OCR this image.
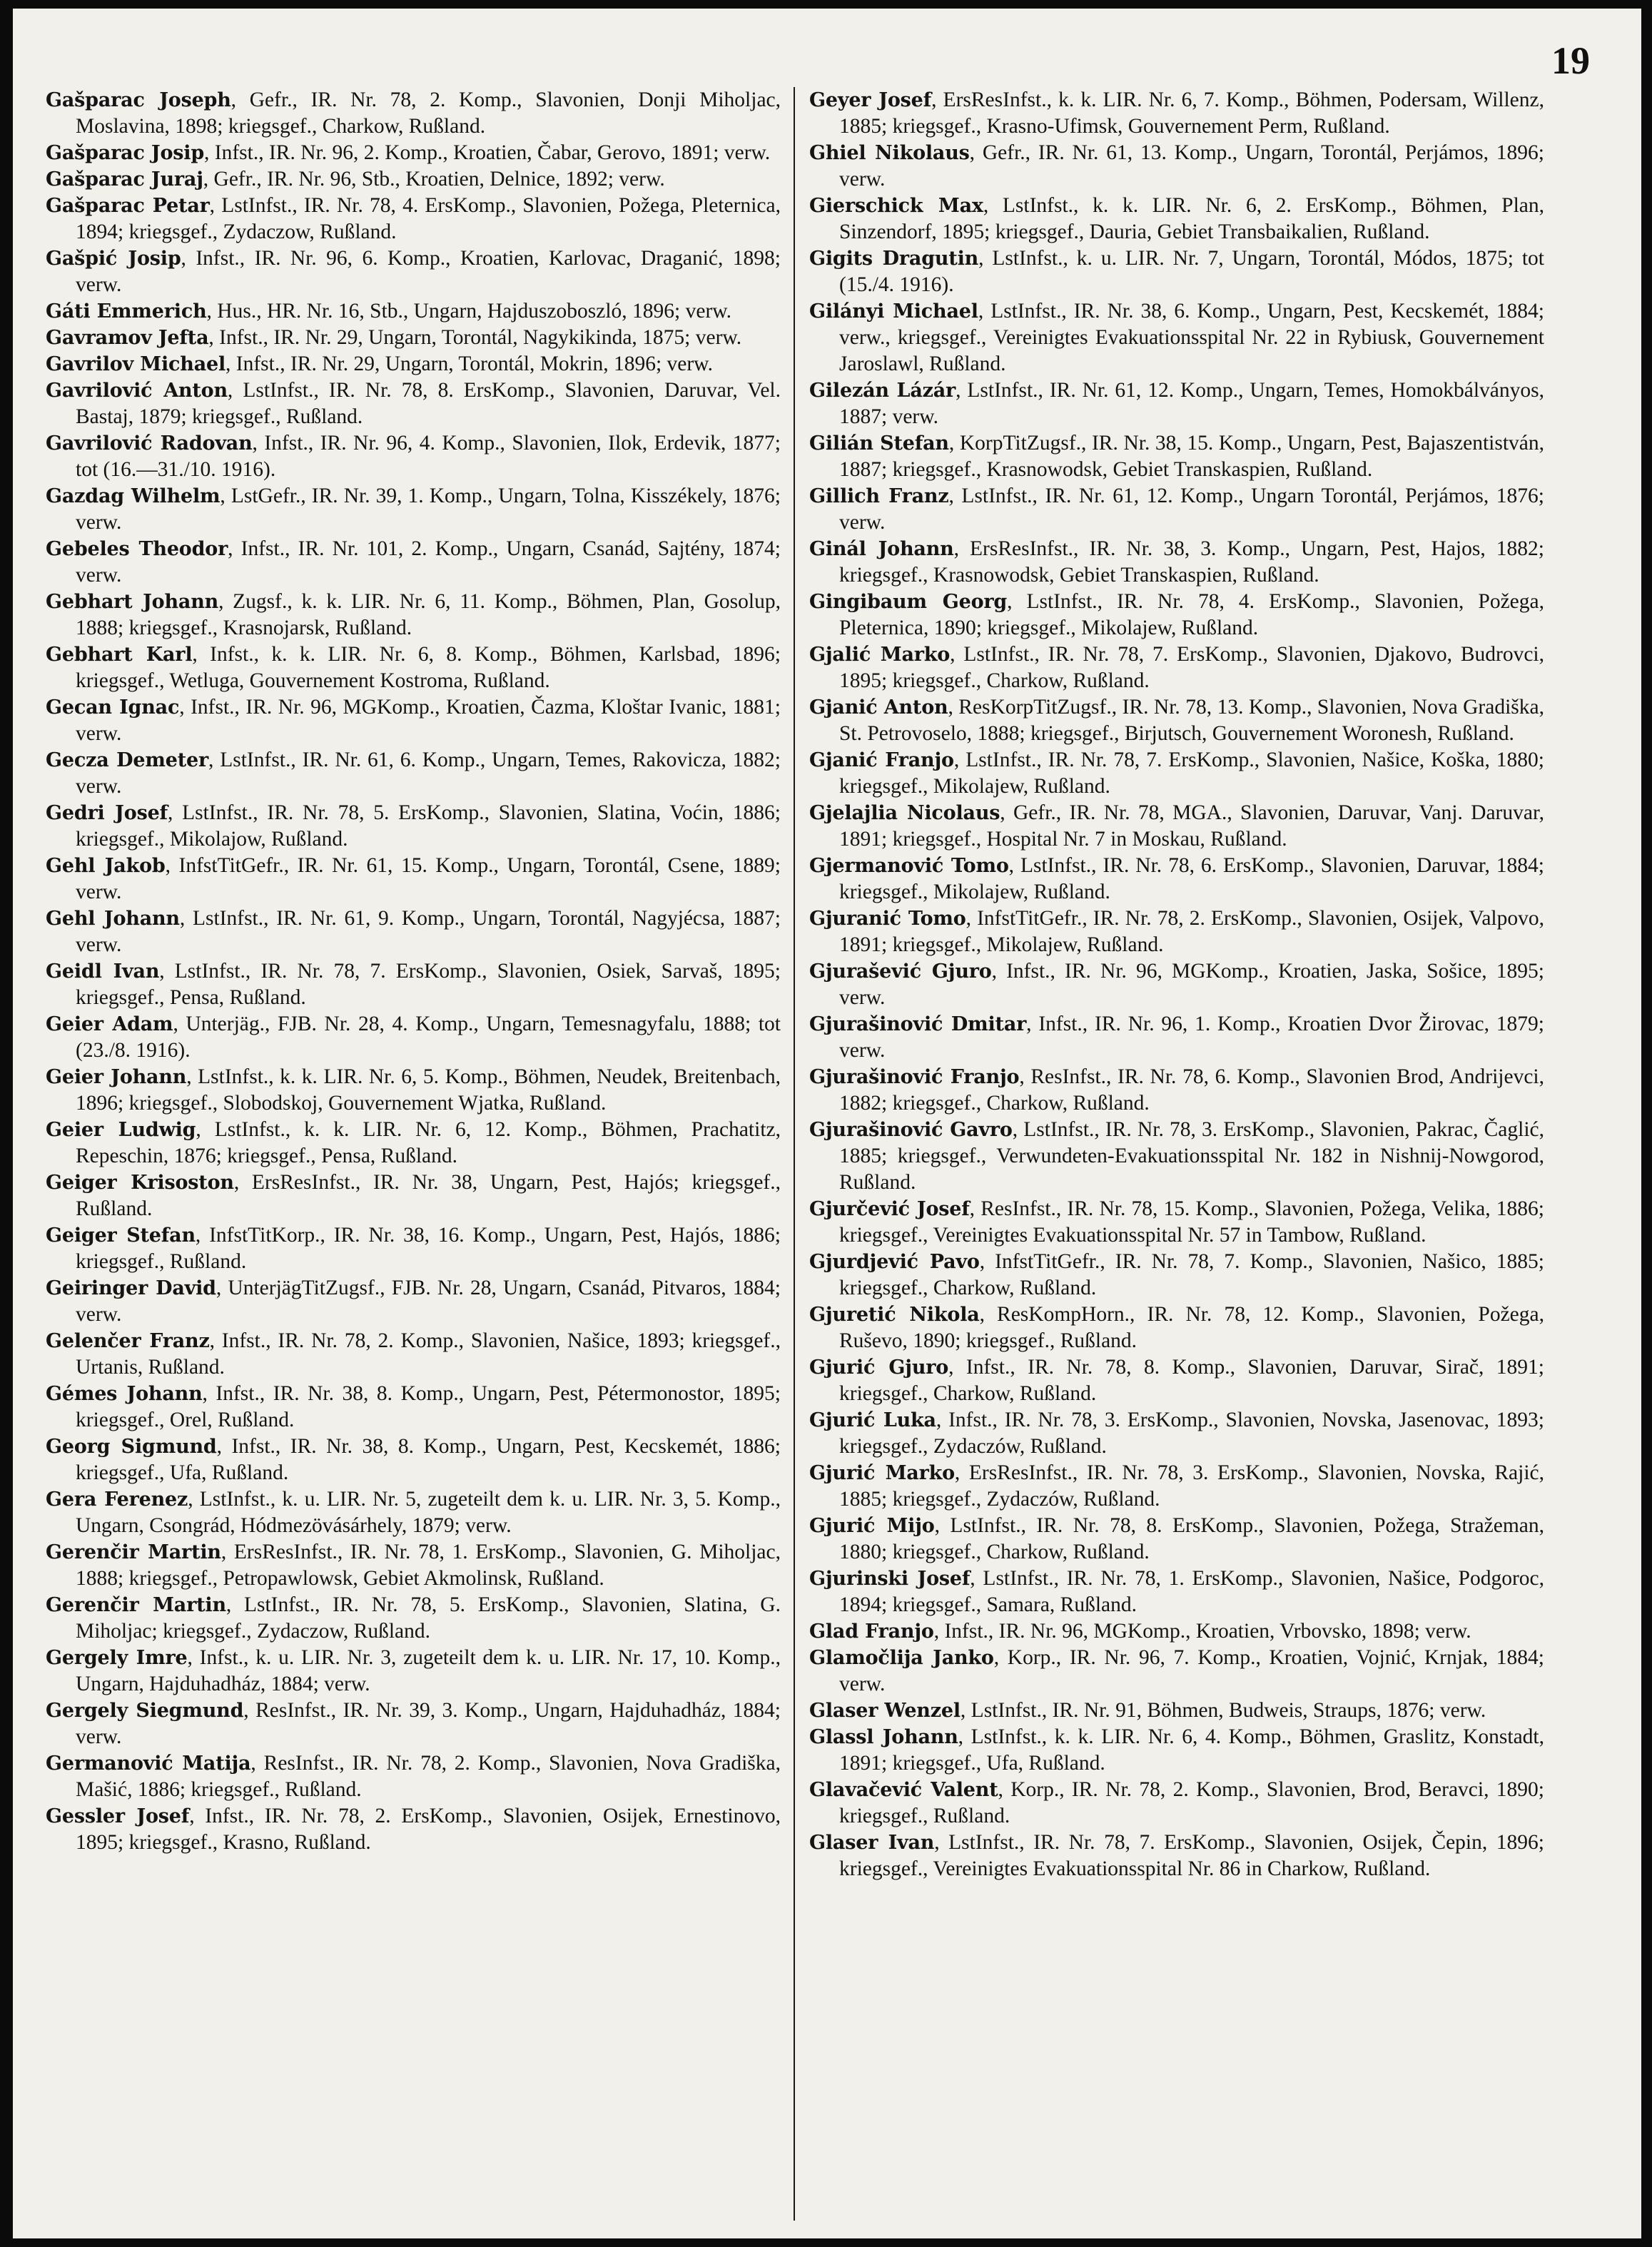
19

Gašparac Joseph, Gefr., IR. Nr. 78, 2. Komp., Slavonien, Donji Miholjac, Moslavina, 1898; kriegsgef., Charkow, Rußland.

Gašparac Josip, Infst., IR. Nr. 96, 2. Komp., Kroatien, Čabar, Gerovo, 1891; verw.

Gašparac Juraj, Gefr., IR. Nr. 96, Stb., Kroatien, Delnice, 1892; verw.

Gašparac Petar, LstInfst., IR. Nr. 78, 4. ErsKomp., Slavonien, Požega, Pleternica, 1894; kriegsgef., Zydaczow, Rußland.

Gašpić Josip, Infst., IR. Nr. 96, 6. Komp., Kroatien, Karlovac, Draganić, 1898; verw.

Gáti Emmerich, Hus., HR. Nr. 16, Stb., Ungarn, Hajduszoboszló, 1896; verw.

Gavramov Jefta, Infst., IR. Nr. 29, Ungarn, Torontál, Nagykikinda, 1875; verw.

Gavrilov Michael, Infst., IR. Nr. 29, Ungarn, Torontál, Mokrin, 1896; verw.

Gavrilović Anton, LstInfst., IR. Nr. 78, 8. ErsKomp., Slavonien, Daruvar, Vel. Bastaj, 1879; kriegsgef., Rußland.

Gavrilović Radovan, Infst., IR. Nr. 96, 4. Komp., Slavonien, Ilok, Erdevik, 1877; tot (16.—31./10. 1916).

Gazdag Wilhelm, LstGefr., IR. Nr. 39, 1. Komp., Ungarn, Tolna, Kisszékely, 1876; verw.

Gebeles Theodor, Infst., IR. Nr. 101, 2. Komp., Ungarn, Csanád, Sajtény, 1874; verw.

Gebhart Johann, Zugsf., k. k. LIR. Nr. 6, 11. Komp., Böhmen, Plan, Gosolup, 1888; kriegsgef., Krasnojarsk, Rußland.

Gebhart Karl, Infst., k. k. LIR. Nr. 6, 8. Komp., Böhmen, Karlsbad, 1896; kriegsgef., Wetluga, Gouvernement Kostroma, Rußland.

Gecan Ignac, Infst., IR. Nr. 96, MGKomp., Kroatien, Čazma, Kloštar Ivanic, 1881; verw.

Gecza Demeter, LstInfst., IR. Nr. 61, 6. Komp., Ungarn, Temes, Rakovicza, 1882; verw.

Gedri Josef, LstInfst., IR. Nr. 78, 5. ErsKomp., Slavonien, Slatina, Voćin, 1886; kriegsgef., Mikolajow, Rußland.

Gehl Jakob, InfstTitGefr., IR. Nr. 61, 15. Komp., Ungarn, Torontál, Csene, 1889; verw.

Gehl Johann, LstInfst., IR. Nr. 61, 9. Komp., Ungarn, Torontál, Nagyjécsa, 1887; verw.

Geidl Ivan, LstInfst., IR. Nr. 78, 7. ErsKomp., Slavonien, Osiek, Sarvaš, 1895; kriegsgef., Pensa, Rußland.

Geier Adam, Unterjäg., FJB. Nr. 28, 4. Komp., Ungarn, Temesnagyfalu, 1888; tot (23./8. 1916).

Geier Johann, LstInfst., k. k. LIR. Nr. 6, 5. Komp., Böhmen, Neudek, Breitenbach, 1896; kriegsgef., Slobodskoj, Gouvernement Wjatka, Rußland.

Geier Ludwig, LstInfst., k. k. LIR. Nr. 6, 12. Komp., Böhmen, Prachatitz, Repeschin, 1876; kriegsgef., Pensa, Rußland.

Geiger Krisoston, ErsResInfst., IR. Nr. 38, Ungarn, Pest, Hajós; kriegsgef., Rußland.

Geiger Stefan, InfstTitKorp., IR. Nr. 38, 16. Komp., Ungarn, Pest, Hajós, 1886; kriegsgef., Rußland.

Geiringer David, UnterjägTitZugsf., FJB. Nr. 28, Ungarn, Csanád, Pitvaros, 1884; verw.

Gelenčer Franz, Infst., IR. Nr. 78, 2. Komp., Slavonien, Našice, 1893; kriegsgef., Urtanis, Rußland.

Gémes Johann, Infst., IR. Nr. 38, 8. Komp., Ungarn, Pest, Pétermonostor, 1895; kriegsgef., Orel, Rußland.

Georg Sigmund, Infst., IR. Nr. 38, 8. Komp., Ungarn, Pest, Kecskemét, 1886; kriegsgef., Ufa, Rußland.

Gera Ferenez, LstInfst., k. u. LIR. Nr. 5, zugeteilt dem k. u. LIR. Nr. 3, 5. Komp., Ungarn, Csongrád, Hódmezövásárhely, 1879; verw.

Gerenčir Martin, ErsResInfst., IR. Nr. 78, 1. ErsKomp., Slavonien, G. Miholjac, 1888; kriegsgef., Petropawlowsk, Gebiet Akmolinsk, Rußland.

Gerenčir Martin, LstInfst., IR. Nr. 78, 5. ErsKomp., Slavonien, Slatina, G. Miholjac; kriegsgef., Zydaczow, Rußland.

Gergely Imre, Infst., k. u. LIR. Nr. 3, zugeteilt dem k. u. LIR. Nr. 17, 10. Komp., Ungarn, Hajduhadház, 1884; verw.

Gergely Siegmund, ResInfst., IR. Nr. 39, 3. Komp., Ungarn, Hajduhadház, 1884; verw.

Germanović Matija, ResInfst., IR. Nr. 78, 2. Komp., Slavonien, Nova Gradiška, Mašić, 1886; kriegsgef., Rußland.

Gessler Josef, Infst., IR. Nr. 78, 2. ErsKomp., Slavonien, Osijek, Ernestinovo, 1895; kriegsgef., Krasno, Rußland.

Geyer Josef, ErsResInfst., k. k. LIR. Nr. 6, 7. Komp., Böhmen, Podersam, Willenz, 1885; kriegsgef., Krasno-Ufimsk, Gouvernement Perm, Rußland.

Ghiel Nikolaus, Gefr., IR. Nr. 61, 13. Komp., Ungarn, Torontál, Perjámos, 1896; verw.

Gierschick Max, LstInfst., k. k. LIR. Nr. 6, 2. ErsKomp., Böhmen, Plan, Sinzendorf, 1895; kriegsgef., Dauria, Gebiet Transbaikalien, Rußland.

Gigits Dragutin, LstInfst., k. u. LIR. Nr. 7, Ungarn, Torontál, Módos, 1875; tot (15./4. 1916).

Gilányi Michael, LstInfst., IR. Nr. 38, 6. Komp., Ungarn, Pest, Kecskemét, 1884; verw., kriegsgef., Vereinigtes Evakuationsspital Nr. 22 in Rybiusk, Gouvernement Jaroslawl, Rußland.

Gilezán Lázár, LstInfst., IR. Nr. 61, 12. Komp., Ungarn, Temes, Homokbálványos, 1887; verw.

Gilián Stefan, KorpTitZugsf., IR. Nr. 38, 15. Komp., Ungarn, Pest, Bajaszentistván, 1887; kriegsgef., Krasnowodsk, Gebiet Transkaspien, Rußland.

Gillich Franz, LstInfst., IR. Nr. 61, 12. Komp., Ungarn Torontál, Perjámos, 1876; verw.

Ginál Johann, ErsResInfst., IR. Nr. 38, 3. Komp., Ungarn, Pest, Hajos, 1882; kriegsgef., Krasnowodsk, Gebiet Transkaspien, Rußland.

Gingibaum Georg, LstInfst., IR. Nr. 78, 4. ErsKomp., Slavonien, Požega, Pleternica, 1890; kriegsgef., Mikolajew, Rußland.

Gjalić Marko, LstInfst., IR. Nr. 78, 7. ErsKomp., Slavonien, Djakovo, Budrovci, 1895; kriegsgef., Charkow, Rußland.

Gjanić Anton, ResKorpTitZugsf., IR. Nr. 78, 13. Komp., Slavonien, Nova Gradiška, St. Petrovoselo, 1888; kriegsgef., Birjutsch, Gouvernement Woronesh, Rußland.

Gjanić Franjo, LstInfst., IR. Nr. 78, 7. ErsKomp., Slavonien, Našice, Koška, 1880; kriegsgef., Mikolajew, Rußland.

Gjelajlia Nicolaus, Gefr., IR. Nr. 78, MGA., Slavonien, Daruvar, Vanj. Daruvar, 1891; kriegsgef., Hospital Nr. 7 in Moskau, Rußland.

Gjermanović Tomo, LstInfst., IR. Nr. 78, 6. ErsKomp., Slavonien, Daruvar, 1884; kriegsgef., Mikolajew, Rußland.

Gjuranić Tomo, InfstTitGefr., IR. Nr. 78, 2. ErsKomp., Slavonien, Osijek, Valpovo, 1891; kriegsgef., Mikolajew, Rußland.

Gjurašević Gjuro, Infst., IR. Nr. 96, MGKomp., Kroatien, Jaska, Sošice, 1895; verw.

Gjurašinović Dmitar, Infst., IR. Nr. 96, 1. Komp., Kroatien Dvor Žirovac, 1879; verw.

Gjurašinović Franjo, ResInfst., IR. Nr. 78, 6. Komp., Slavonien Brod, Andrijevci, 1882; kriegsgef., Charkow, Rußland.

Gjurašinović Gavro, LstInfst., IR. Nr. 78, 3. ErsKomp., Slavonien, Pakrac, Čaglić, 1885; kriegsgef., Verwundeten-Evakuationsspital Nr. 182 in Nishnij-Nowgorod, Rußland.

Gjurčević Josef, ResInfst., IR. Nr. 78, 15. Komp., Slavonien, Požega, Velika, 1886; kriegsgef., Vereinigtes Evakuationsspital Nr. 57 in Tambow, Rußland.

Gjurdjević Pavo, InfstTitGefr., IR. Nr. 78, 7. Komp., Slavonien, Našico, 1885; kriegsgef., Charkow, Rußland.

Gjuretić Nikola, ResKompHorn., IR. Nr. 78, 12. Komp., Slavonien, Požega, Ruševo, 1890; kriegsgef., Rußland.

Gjurić Gjuro, Infst., IR. Nr. 78, 8. Komp., Slavonien, Daruvar, Sirač, 1891; kriegsgef., Charkow, Rußland.

Gjurić Luka, Infst., IR. Nr. 78, 3. ErsKomp., Slavonien, Novska, Jasenovac, 1893; kriegsgef., Zydaczów, Rußland.

Gjurić Marko, ErsResInfst., IR. Nr. 78, 3. ErsKomp., Slavonien, Novska, Rajić, 1885; kriegsgef., Zydaczów, Rußland.

Gjurić Mijo, LstInfst., IR. Nr. 78, 8. ErsKomp., Slavonien, Požega, Stražeman, 1880; kriegsgef., Charkow, Rußland.

Gjurinski Josef, LstInfst., IR. Nr. 78, 1. ErsKomp., Slavonien, Našice, Podgoroc, 1894; kriegsgef., Samara, Rußland.

Glad Franjo, Infst., IR. Nr. 96, MGKomp., Kroatien, Vrbovsko, 1898; verw.

Glamočlija Janko, Korp., IR. Nr. 96, 7. Komp., Kroatien, Vojnić, Krnjak, 1884; verw.

Glaser Wenzel, LstInfst., IR. Nr. 91, Böhmen, Budweis, Straups, 1876; verw.

Glassl Johann, LstInfst., k. k. LIR. Nr. 6, 4. Komp., Böhmen, Graslitz, Konstadt, 1891; kriegsgef., Ufa, Rußland.

Glavačević Valent, Korp., IR. Nr. 78, 2. Komp., Slavonien, Brod, Beravci, 1890; kriegsgef., Rußland.

Glaser Ivan, LstInfst., IR. Nr. 78, 7. ErsKomp., Slavonien, Osijek, Čepin, 1896; kriegsgef., Vereinigtes Evakuationsspital Nr. 86 in Charkow, Rußland.
